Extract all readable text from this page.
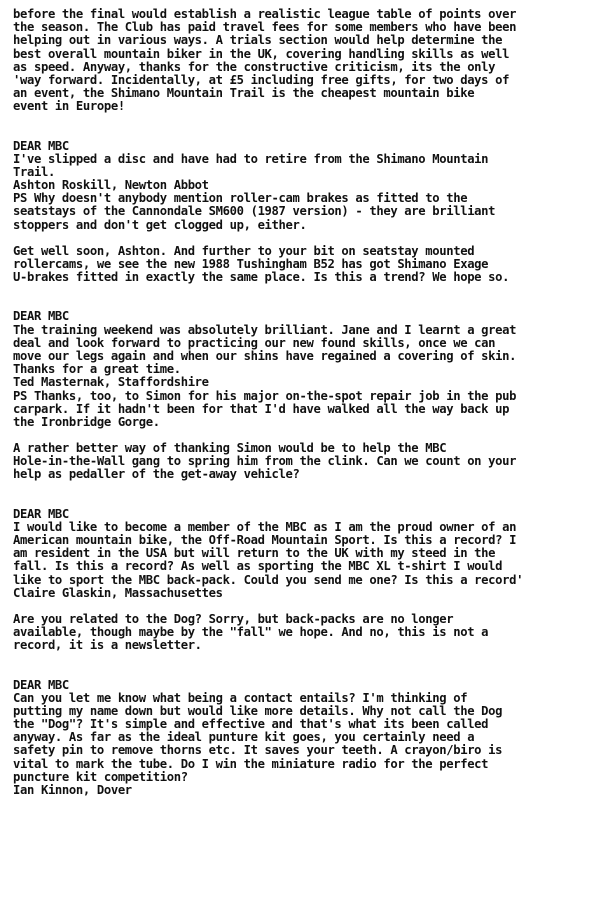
before the final would establish a realistic league table of points over
the season. The Club has paid travel fees for some members who have been
helping out in various ways. A trials section would help determine the
best overall mountain biker in the UK, covering handling skills as well
as speed. Anyway, thanks for the constructive criticism, its the only
'way forward. Incidentally, at £5 including free gifts, for two days of
an event, the Shimano Mountain Trail is the cheapest mountain bike
event in Europe!
DEAR MBC
I've slipped a disc and have had to retire from the Shimano Mountain
Trail.
Ashton Roskill, Newton Abbot
PS Why doesn't anybody mention roller-cam brakes as fitted to the
seatstays of the Cannondale SM600 (1987 version) - they are brilliant
stoppers and don't get clogged up, either.
Get well soon, Ashton. And further to your bit on seatstay mounted
rollercams, we see the new 1988 Tushingham B52 has got Shimano Exage
U-brakes fitted in exactly the same place. Is this a trend? We hope so.
DEAR MBC
The training weekend was absolutely brilliant. Jane and I learnt a great
deal and look forward to practicing our new found skills, once we can
move our legs again and when our shins have regained a covering of skin.
Thanks for a great time.
Ted Masternak, Staffordshire
PS Thanks, too, to Simon for his major on-the-spot repair job in the pub
carpark. If it hadn't been for that I'd have walked all the way back up
the Ironbridge Gorge.
A rather better way of thanking Simon would be to help the MBC
Hole-in-the-Wall gang to spring him from the clink. Can we count on your
help as pedaller of the get-away vehicle?
DEAR MBC
I would like to become a member of the MBC as I am the proud owner of an
American mountain bike, the Off-Road Mountain Sport. Is this a record? I
am resident in the USA but will return to the UK with my steed in the
fall. Is this a record? As well as sporting the MBC XL t-shirt I would
like to sport the MBC back-pack. Could you send me one? Is this a record'
Claire Glaskin, Massachusettes
Are you related to the Dog? Sorry, but back-packs are no longer
available, though maybe by the "fall" we hope. And no, this is not a
record, it is a newsletter.
DEAR MBC
Can you let me know what being a contact entails? I'm thinking of
putting my name down but would like more details. Why not call the Dog
the "Dog"? It's simple and effective and that's what its been called
anyway. As far as the ideal punture kit goes, you certainly need a
safety pin to remove thorns etc. It saves your teeth. A crayon/biro is
vital to mark the tube. Do I win the miniature radio for the perfect
puncture kit competition?
Ian Kinnon, Dover
